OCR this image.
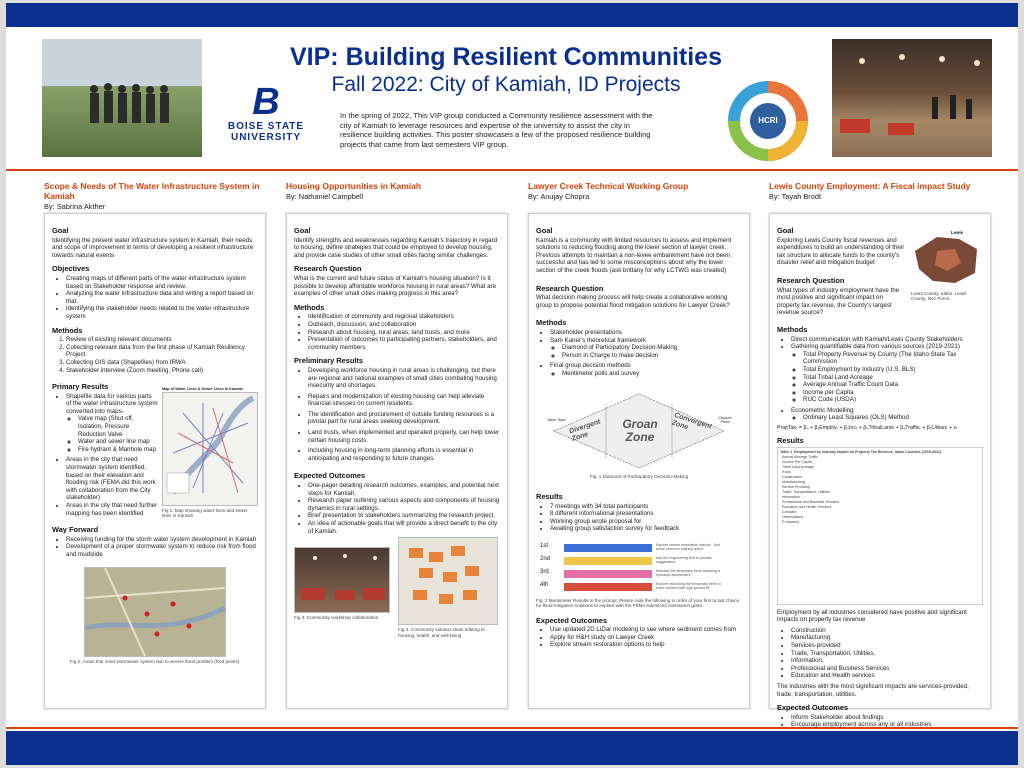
B
BOISE STATE
UNIVERSITY
VIP: Building Resilient Communities
Fall 2022: City of Kamiah, ID Projects
In the spring of 2022, This VIP group conducted a Community resilience assessment with the city of Kamiah to leverage resources and expertise of the university to assist the city in resilience building activities. This poster showcases a few of the proposed resilience building projects that came from last semesters VIP group.
HCRI
Scope & Needs of The Water Infrastructure System in Kamiah
By: Sabrina Akther
Housing Opportunities in Kamiah
By: Nathaniel Campbell
Lawyer Creek Technical Working Group
By: Anujay Chopra
Lewis County Employment: A Fiscal impact Study
By: Tayah Brodt
Goal

Identifying the present water infrastructure system in Kamiah, their needs and scope of improvement in terms of developing a resilient infrastructure towards natural events

Objectives
• Creating maps of different parts of the water infrastructure system based on Stakeholder response and review.
• Analyzing the water infrastructure data and writing a report based on that.
• Identifying the stakeholder needs related to the water infrastructure system
Methods
1. Review of existing relevant documents
2. Collecting relevant data from the first phase of Kamiah Resiliency Project
3. Collecting GIS data (Shapefiles) from IRWA
4. Stakeholder interview (Zoom meeting, Phone call)
Primary Results
• Shapefile data for various parts of the water infrastructure system converted into maps-
◦ Valve map (Shut off, Isolation, Pressure Reduction Valve
◦ Water and sewer line map
◦ Fire hydrant & Manhole map
• Areas in the city that need stormwater system identified, based on their elevation and flooding risk (FEMA did this work with collaboration from the City stakeholder)
• Areas in the city that need further mapping has been identified
Map of Water Lines & Sewer Lines in Kamiah
Fig 1. Map showing water lines and sewer lines in Kamiah
Way Forward
• Receiving funding for the storm water system development in Kamiah
• Development of a proper stormwater system to reduce risk from flood and mudslide
Fig 2. Areas that need stormwater system due to severe flood problem (Red points)
Goal

Identify strengths and weaknesses regarding Kamiah's trajectory in regard to housing, define strategies that could be employed to develop housing, and provide case studies of other small cities facing similar challenges.

Research Question

What is the current and future status of Kamiah's housing situation? Is it possible to develop affordable workforce housing in rural areas? What are examples of other small cities making progress in this area?

Methods
• Identification of community and regional stakeholders
• Outreach, discussion, and collaboration
• Research about housing, rural areas, land trusts, and more
• Presentation of outcomes to participating partners, stakeholders, and community members
Preliminary Results
• Developing workforce housing in rural areas is challenging, but there are regional and national examples of small cities combating housing insecurity and shortages.
• Repairs and modernization of existing housing can help alleviate financial stresses on current residents.
• The identification and procurement of outside funding resources is a pivotal part for rural areas seeking development.
• Land trusts, when implemented and operated properly, can help lower certain housing costs.
• Including housing in long-term planning efforts is essential in anticipating and responding to future changes.
Expected Outcomes
• One-pager detailing research outcomes, examples, and potential next steps for Kamiah.
• Research paper outlining various aspects and components of housing dynamics in rural settings.
• Brief presentation to stakeholders summarizing the research project.
• An idea of actionable goals that will provide a direct benefit to the city of Kamiah.
Fig 3. Community workshop collaboration
Fig 4. Community solution ideas relating to housing, health, and well-being
Goal

Kamiah is a community with limited resources to assess and implement solutions to reducing flooding along the lower section of lawyer creek. Previous attempts to maintain a non-levee embankment have not been successful and has led to some misconceptions about why the lower section of the creek floods (ask brittany for why LCTWG was created)

Research Question

What decision making process will help create a collaborative working group to propose potential flood mitigation solutions for Lawyer Creek?

Methods
• Stakeholder presentations
• Sam Kaner's theoretical framework
◦ Diamond of Participatory Decision-Making
◦ Person in Charge to make decision
• Final group decision methods
◦ Mentimeter polls and survey
New Topic Divergent Zone
Groan Zone
Convergent Zone
Closure Point
Fig. 1 Diamond of Participatory Decision-Making
Results
• 7 meetings with 34 total participants
• 8 different informational presentations
• Working group wrote proposal for
• Awaiting group satisfaction survey for feedback
1st	Explore stream restoration options - find some resource sharing option
2nd	Ask the engineering firm to provide suggestions
3rd	Maintain the temporary berm following a hydraulic assessment
4th	Explore rebuilding the temporary berm to more resilient with high ground fill
Fig. 2 Mentimeter Results to the prompt: Please rank the following in order of your first to last choice for flood mitigation solutions to explore with the FEMA Advanced Assistance grant.
Expected Outcomes
• Use updated 2D LiDar modeling to see where sediment comes from
• Apply for H&H study on Lawyer Creek
• Explore stream restoration options to help
Goal

Exploring Lewis County fiscal revenues and expenditures to build an understanding of their tax structure to allocate funds to the county's disaster relief and mitigation budget

Research Question

What types of industry employment have the most positive and significant impact on property tax revenue, the County's largest revenue source?

Lewis
Lewis County, Idaho. Lewis County, Nez Perce.
Methods
• Direct communication with Kamiah/Lewis County Stakeholders
• Gathering quantifiable data from various sources (2019-2021)
◦ Total Property Revenue by County (The Idaho State Tax Commission
◦ Total Employment by Industry (U.S. BLS)
◦ Total Tribal Land Acreage
◦ Average Annual Traffic Count Data
◦ Income per Capita
◦ RUC Code (USDA)
• Econometric Modelling
◦ Ordinary Least Squares (OLS) Method
PropTaxₜ = β₀ + β₁Employₜ + β₂Incₜ + β₃TribalLandₜ + β₄Trafficₜ + β₅Urbanₜ + εₜ
Results
Table 1. Employment by Industry Impact on Property Tax Revenue, Idaho Counties (2019-2021)
Annual Average Traffic
Income Per Capita
Tribal Land Acreage
Rural
Construction
Manufacturing
Service Providing
Trade, Transportation, Utilities
Information
Professional and Business Services
Education and Health Services
Constant
Observations
R-squared

Employment by all industries considered have positive and significant impacts on property tax revenue

• Construction
• Manufacturing
• Services-provided
• Trade, Transportation, Utilities,
• Information,
• Professional and Business Services
• Education and Health services

The industries with the most significant impacts are services-provided, trade, transportation, utilities.

Expected Outcomes
• Inform Stakeholder about findings
• Encourage employment across any or all industries
